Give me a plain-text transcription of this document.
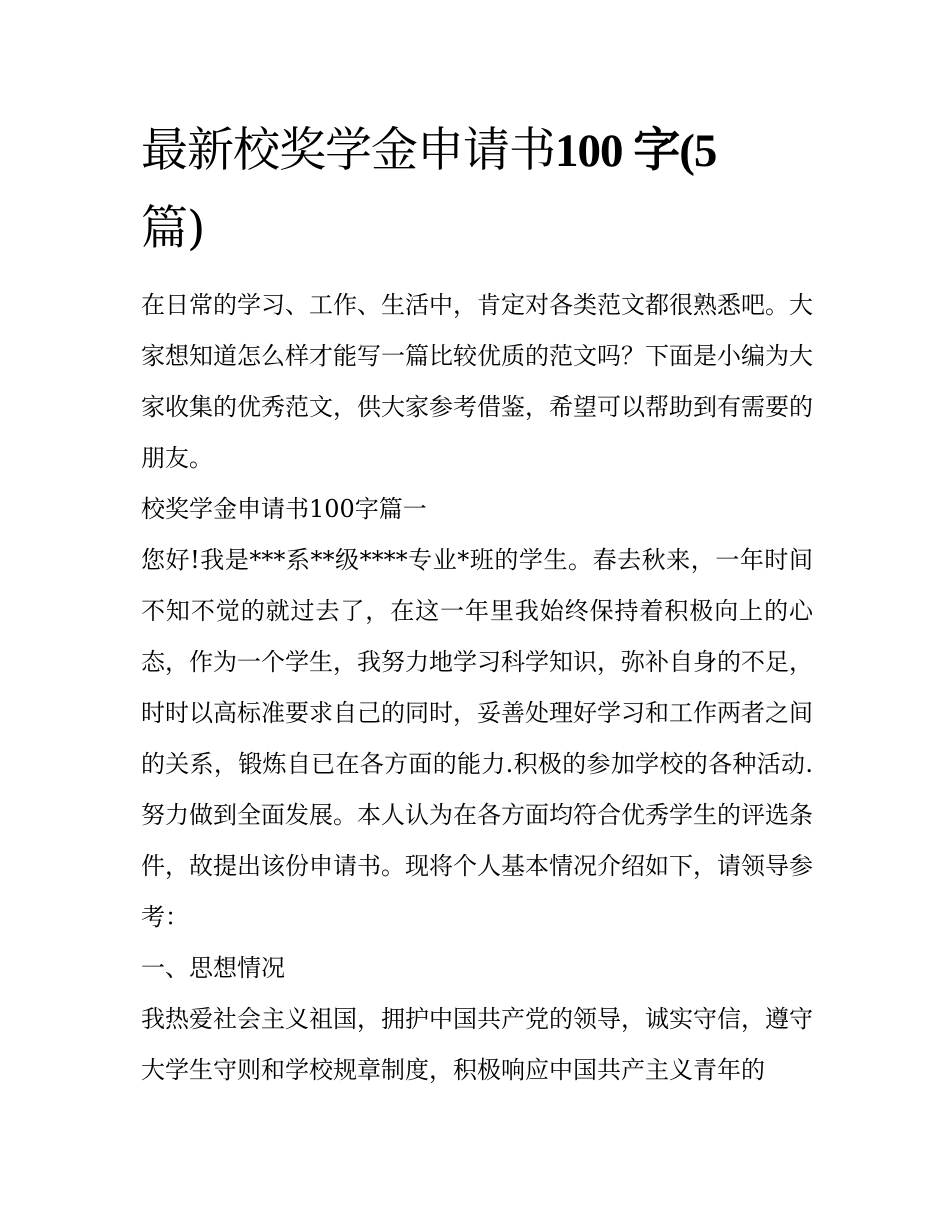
最新校奖学金申请书100 字(5
篇)

在日常的学习、工作、生活中，肯定对各类范文都很熟悉吧。大家想知道怎么样才能写一篇比较优质的范文吗？下面是小编为大家收集的优秀范文，供大家参考借鉴，希望可以帮助到有需要的朋友。

校奖学金申请书100字篇一

您好!我是***系**级****专业*班的学生。春去秋来，一年时间不知不觉的就过去了，在这一年里我始终保持着积极向上的心态，作为一个学生，我努力地学习科学知识，弥补自身的不足，时时以高标准要求自己的同时，妥善处理好学习和工作两者之间的关系，锻炼自已在各方面的能力.积极的参加学校的各种活动.努力做到全面发展。本人认为在各方面均符合优秀学生的评选条件，故提出该份申请书。现将个人基本情况介绍如下，请领导参考：

一、思想情况

我热爱社会主义祖国，拥护中国共产党的领导，诚实守信，遵守大学生守则和学校规章制度，积极响应中国共产主义青年的
